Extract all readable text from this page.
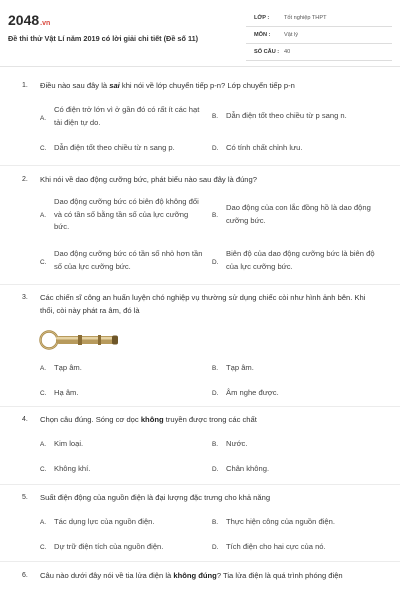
2048.vn
Đề thi thử Vật Lí năm 2019 có lời giải chi tiết (Đề số 11)
LỚP :	Tốt nghiệp THPT
MÔN : Vật lý
SỐ CÂU : 40
1. Điều nào sau đây là sai khi nói về lớp chuyển tiếp p-n? Lớp chuyển tiếp p-n
A.
Có điện trở lớn vì ở gần đó có rất ít các hạt tải điện tự do.
B. Dẫn điện tốt theo chiều từ p sang n.
C. Dẫn điện tốt theo chiều từ n sang p.	D. Có tính chất chỉnh lưu.
2. Khi nói về dao động cưỡng bức, phát biểu nào sau đây là đúng?
A.
Dao động cưỡng bức có biên độ không đổi và có tần số bằng tần số của lực cưỡng bức.
B.
Dao động của con lắc đồng hồ là dao động cưỡng bức.
C.
Dao động cưỡng bức có tần số nhỏ hơn tần số của lực cưỡng bức.	D.
Biên độ của dao động cưỡng bức là biên độ của lực cưỡng bức.
3. Các chiến sĩ công an huấn luyện chó nghiệp vụ thường sử dụng chiếc còi như hình ảnh bên. Khi thổi, còi này phát ra âm, đó là
A. Tạp âm.	B. Tạp âm.
C. Hạ âm.	D. Âm nghe được.
4. Chọn câu đúng. Sóng cơ dọc không truyền được trong các chất
A. Kim loại.	B. Nước.
C. Không khí.	D. Chân không.
5. Suất điện động của nguồn điện là đại lượng đặc trưng cho khả năng
A. Tác dụng lực của nguồn điện.	B. Thực hiện công của nguồn điện.
C. Dự trữ điện tích của nguồn điện.	D. Tích điện cho hai cực của nó.
6. Câu nào dưới đây nói về tia lửa điện là không đúng? Tia lửa điện là quá trình phóng điện
